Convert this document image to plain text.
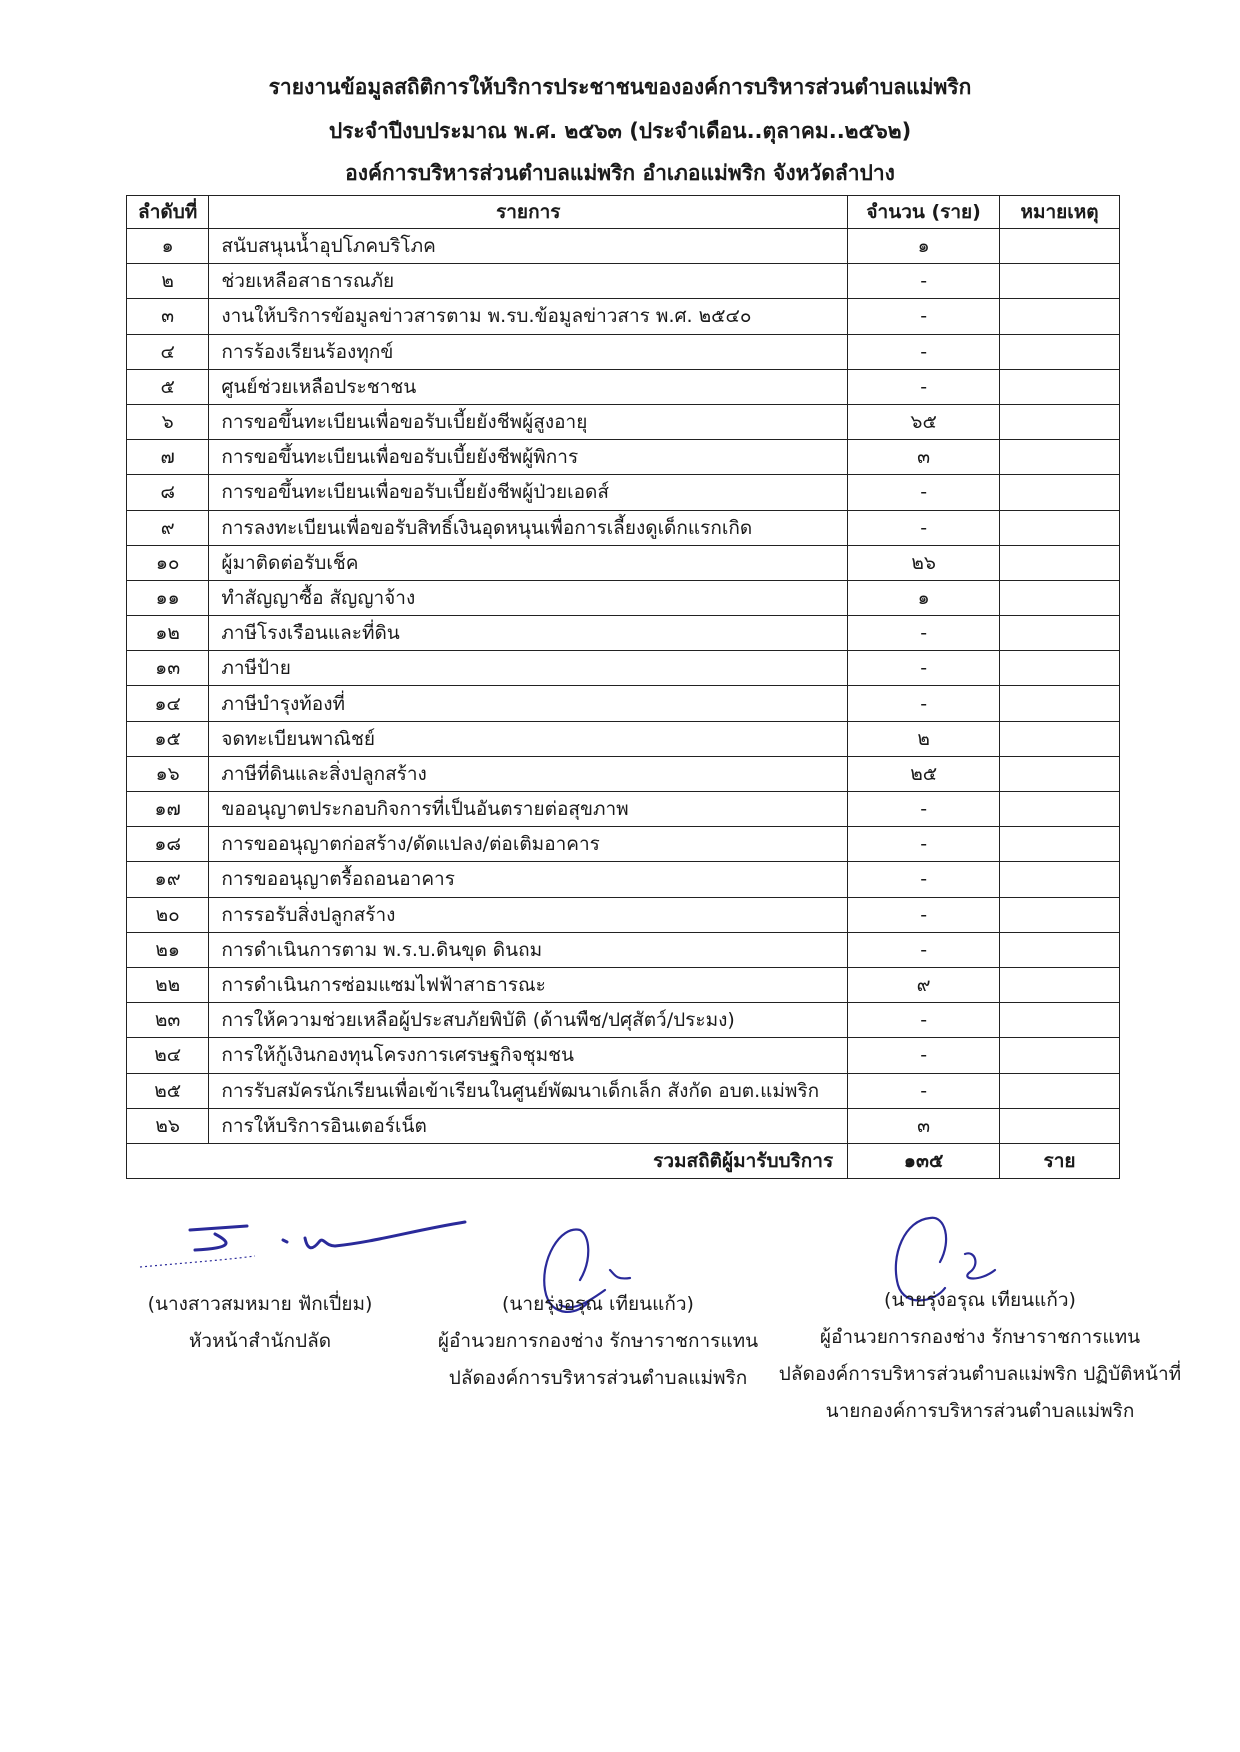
รายงานข้อมูลสถิติการให้บริการประชาชนขององค์การบริหารส่วนตำบลแม่พริก
ประจำปีงบประมาณ พ.ศ. ๒๕๖๓ (ประจำเดือน..ตุลาคม..๒๕๖๒)
องค์การบริหารส่วนตำบลแม่พริก อำเภอแม่พริก จังหวัดลำปาง
ลำดับที่	รายการ	จำนวน (ราย)	หมายเหตุ
๑	สนับสนุนน้ำอุปโภคบริโภค	๑	
๒	ช่วยเหลือสาธารณภัย	-	
๓	งานให้บริการข้อมูลข่าวสารตาม พ.รบ.ข้อมูลข่าวสาร พ.ศ. ๒๕๔๐	-	
๔	การร้องเรียนร้องทุกข์	-	
๕	ศูนย์ช่วยเหลือประชาชน	-	
๖	การขอขึ้นทะเบียนเพื่อขอรับเบี้ยยังชีพผู้สูงอายุ	๖๕	
๗	การขอขึ้นทะเบียนเพื่อขอรับเบี้ยยังชีพผู้พิการ	๓	
๘	การขอขึ้นทะเบียนเพื่อขอรับเบี้ยยังชีพผู้ป่วยเอดส์	-	
๙	การลงทะเบียนเพื่อขอรับสิทธิ์เงินอุดหนุนเพื่อการเลี้ยงดูเด็กแรกเกิด	-	
๑๐	ผู้มาติดต่อรับเช็ค	๒๖	
๑๑	ทำสัญญาซื้อ สัญญาจ้าง	๑	
๑๒	ภาษีโรงเรือนและที่ดิน	-	
๑๓	ภาษีป้าย	-	
๑๔	ภาษีบำรุงท้องที่	-	
๑๕	จดทะเบียนพาณิชย์	๒	
๑๖	ภาษีที่ดินและสิ่งปลูกสร้าง	๒๕	
๑๗	ขออนุญาตประกอบกิจการที่เป็นอันตรายต่อสุขภาพ	-	
๑๘	การขออนุญาตก่อสร้าง/ดัดแปลง/ต่อเติมอาคาร	-	
๑๙	การขออนุญาตรื้อถอนอาคาร	-	
๒๐	การรอรับสิ่งปลูกสร้าง	-	
๒๑	การดำเนินการตาม พ.ร.บ.ดินขุด ดินถม	-	
๒๒	การดำเนินการซ่อมแซมไฟฟ้าสาธารณะ	๙	
๒๓	การให้ความช่วยเหลือผู้ประสบภัยพิบัติ (ด้านพืช/ปศุสัตว์/ประมง)	-	
๒๔	การให้กู้เงินกองทุนโครงการเศรษฐกิจชุมชน	-	
๒๕	การรับสมัครนักเรียนเพื่อเข้าเรียนในศูนย์พัฒนาเด็กเล็ก สังกัด อบต.แม่พริก	-	
๒๖	การให้บริการอินเตอร์เน็ต	๓	
รวมสถิติผู้มารับบริการ		๑๓๕	ราย
(นางสาวสมหมาย ฟักเปี่ยม)
หัวหน้าสำนักปลัด
(นายรุ่งอรุณ เทียนแก้ว)
ผู้อำนวยการกองช่าง รักษาราชการแทน
ปลัดองค์การบริหารส่วนตำบลแม่พริก
(นายรุ่งอรุณ เทียนแก้ว)
ผู้อำนวยการกองช่าง รักษาราชการแทน
ปลัดองค์การบริหารส่วนตำบลแม่พริก ปฏิบัติหน้าที่
นายกองค์การบริหารส่วนตำบลแม่พริก
